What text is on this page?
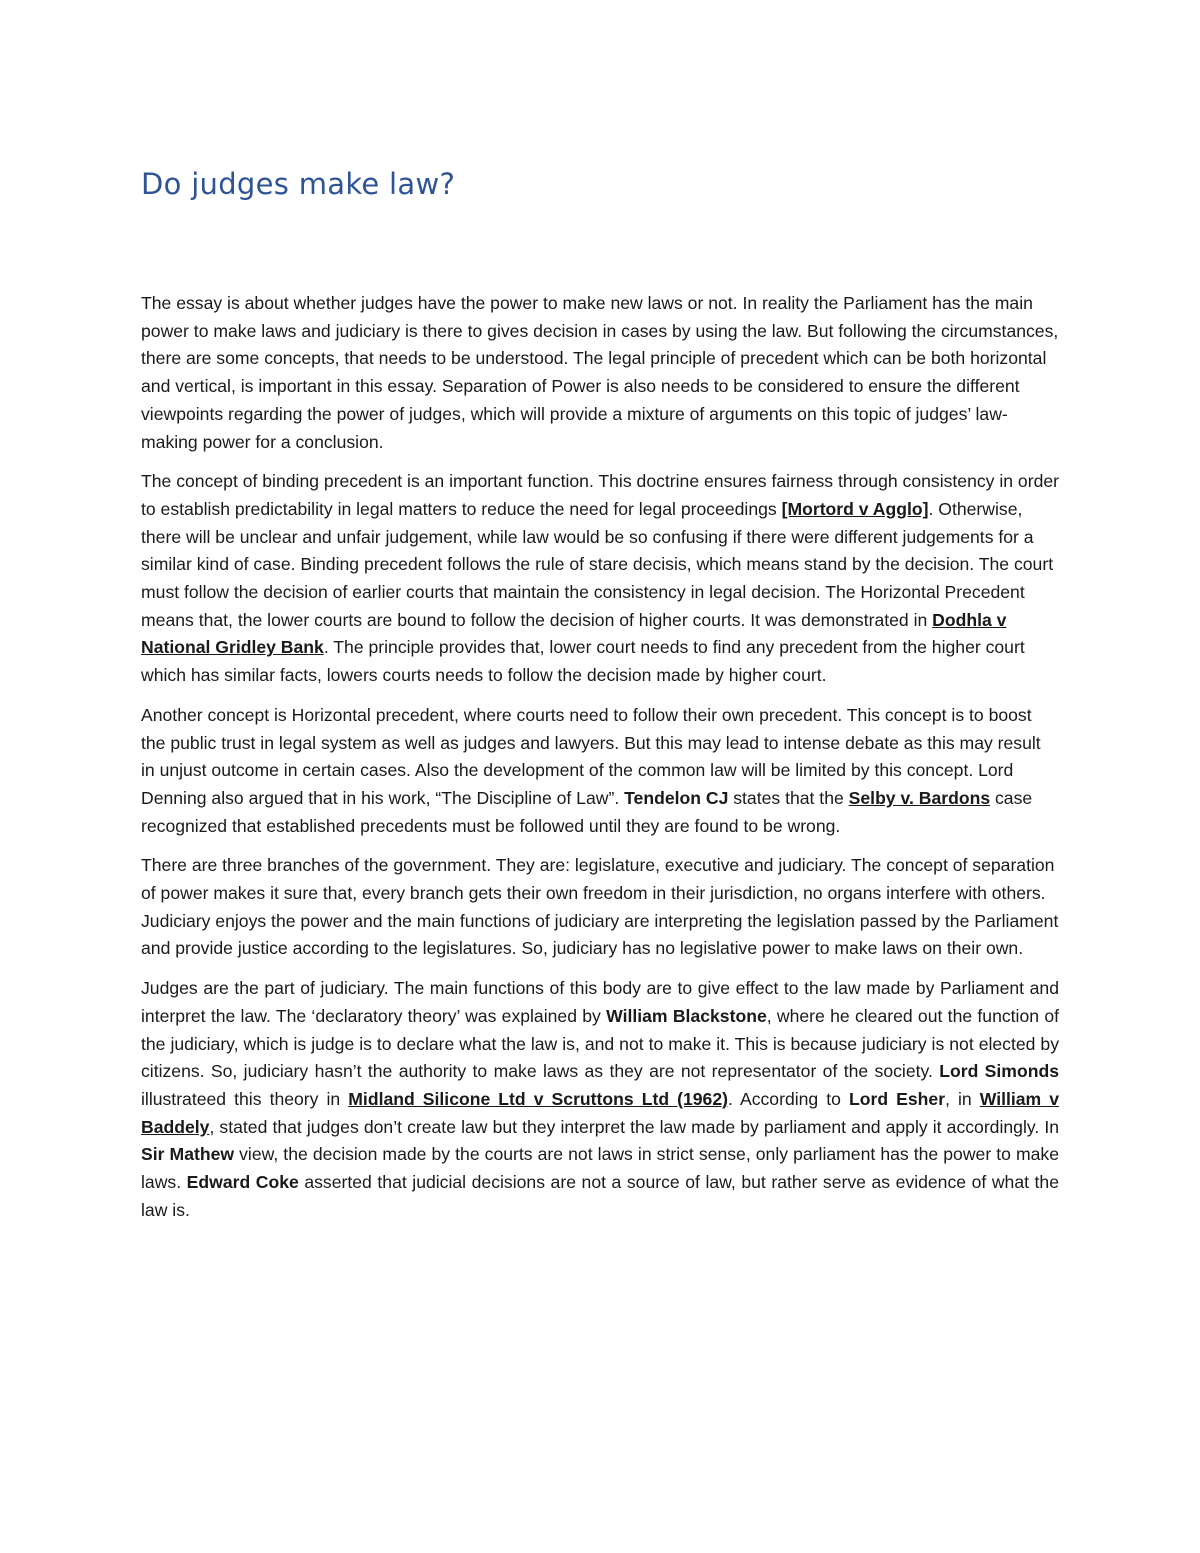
Do judges make law?

The essay is about whether judges have the power to make new laws or not. In reality the Parliament has the main power to make laws and judiciary is there to gives decision in cases by using the law. But following the circumstances, there are some concepts, that needs to be understood. The legal principle of precedent which can be both horizontal and vertical, is important in this essay. Separation of Power is also needs to be considered to ensure the different viewpoints regarding the power of judges, which will provide a mixture of arguments on this topic of judges’ law- making power for a conclusion.

The concept of binding precedent is an important function. This doctrine ensures fairness through consistency in order to establish predictability in legal matters to reduce the need for legal proceedings [Mortord v Agglo]. Otherwise, there will be unclear and unfair judgement, while law would be so confusing if there were different judgements for a similar kind of case. Binding precedent follows the rule of stare decisis, which means stand by the decision. The court must follow the decision of earlier courts that maintain the consistency in legal decision. The Horizontal Precedent means that, the lower courts are bound to follow the decision of higher courts. It was demonstrated in Dodhla v National Gridley Bank. The principle provides that, lower court needs to find any precedent from the higher court which has similar facts, lowers courts needs to follow the decision made by higher court.

Another concept is Horizontal precedent, where courts need to follow their own precedent. This concept is to boost the public trust in legal system as well as judges and lawyers. But this may lead to intense debate as this may result in unjust outcome in certain cases. Also the development of the common law will be limited by this concept. Lord Denning also argued that in his work, “The Discipline of Law”. Tendelon CJ states that the Selby v. Bardons case recognized that established precedents must be followed until they are found to be wrong.

There are three branches of the government. They are: legislature, executive and judiciary. The concept of separation of power makes it sure that, every branch gets their own freedom in their jurisdiction, no organs interfere with others. Judiciary enjoys the power and the main functions of judiciary are interpreting the legislation passed by the Parliament and provide justice according to the legislatures. So, judiciary has no legislative power to make laws on their own.

Judges are the part of judiciary. The main functions of this body are to give effect to the law made by Parliament and interpret the law. The ‘declaratory theory’ was explained by William Blackstone, where he cleared out the function of the judiciary, which is judge is to declare what the law is, and not to make it. This is because judiciary is not elected by citizens. So, judiciary hasn’t the authority to make laws as they are not representator of the society. Lord Simonds illustrateed this theory in Midland Silicone Ltd v Scruttons Ltd (1962). According to Lord Esher, in William v Baddely, stated that judges don’t create law but they interpret the law made by parliament and apply it accordingly. In Sir Mathew view, the decision made by the courts are not laws in strict sense, only parliament has the power to make laws. Edward Coke asserted that judicial decisions are not a source of law, but rather serve as evidence of what the law is.
